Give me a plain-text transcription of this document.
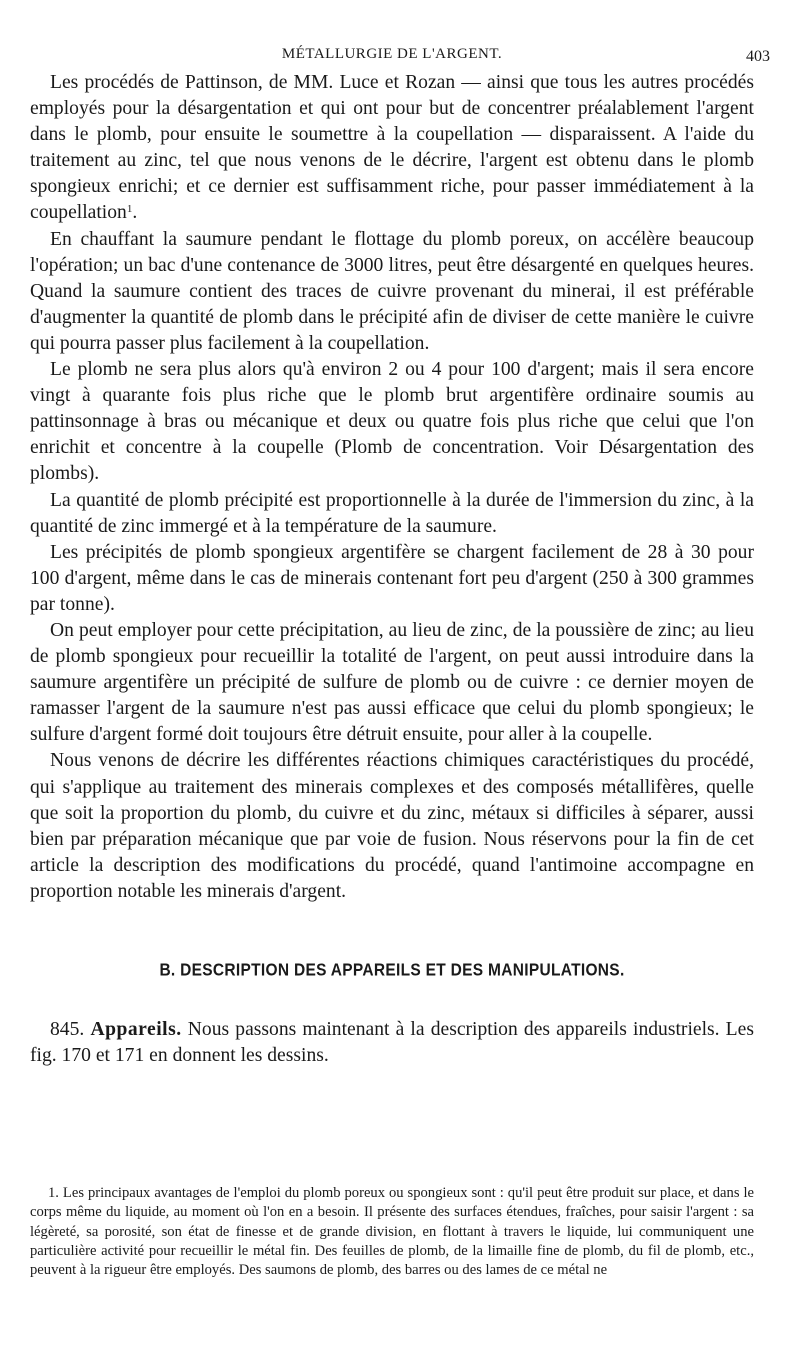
MÉTALLURGIE DE L'ARGENT.	403

Les procédés de Pattinson, de MM. Luce et Rozan — ainsi que tous les autres procédés employés pour la désargentation et qui ont pour but de concentrer préalablement l'argent dans le plomb, pour ensuite le soumettre à la coupellation — disparaissent. A l'aide du traitement au zinc, tel que nous venons de le décrire, l'argent est obtenu dans le plomb spongieux enrichi; et ce dernier est suffisamment riche, pour passer immédiatement à la coupellation$^1$.

En chauffant la saumure pendant le flottage du plomb poreux, on accélère beaucoup l'opération; un bac d'une contenance de 3000 litres, peut être désargenté en quelques heures. Quand la saumure contient des traces de cuivre provenant du minerai, il est préférable d'augmenter la quantité de plomb dans le précipité afin de diviser de cette manière le cuivre qui pourra passer plus facilement à la coupellation.

Le plomb ne sera plus alors qu'à environ 2 ou 4 pour 100 d'argent; mais il sera encore vingt à quarante fois plus riche que le plomb brut argentifère ordinaire soumis au pattinsonnage à bras ou mécanique et deux ou quatre fois plus riche que celui que l'on enrichit et concentre à la coupelle (Plomb de concentration. Voir Désargentation des plombs).

La quantité de plomb précipité est proportionnelle à la durée de l'immersion du zinc, à la quantité de zinc immergé et à la température de la saumure.

Les précipités de plomb spongieux argentifère se chargent facilement de 28 à 30 pour 100 d'argent, même dans le cas de minerais contenant fort peu d'argent (250 à 300 grammes par tonne).

On peut employer pour cette précipitation, au lieu de zinc, de la poussière de zinc; au lieu de plomb spongieux pour recueillir la totalité de l'argent, on peut aussi introduire dans la saumure argentifère un précipité de sulfure de plomb ou de cuivre : ce dernier moyen de ramasser l'argent de la saumure n'est pas aussi efficace que celui du plomb spongieux; le sulfure d'argent formé doit toujours être détruit ensuite, pour aller à la coupelle.

Nous venons de décrire les différentes réactions chimiques caractéristiques du procédé, qui s'applique au traitement des minerais complexes et des composés métallifères, quelle que soit la proportion du plomb, du cuivre et du zinc, métaux si difficiles à séparer, aussi bien par préparation mécanique que par voie de fusion. Nous réservons pour la fin de cet article la description des modifications du procédé, quand l'antimoine accompagne en proportion notable les minerais d'argent.

B. DESCRIPTION DES APPAREILS ET DES MANIPULATIONS.

845. Appareils. Nous passons maintenant à la description des appareils industriels. Les fig. 170 et 171 en donnent les dessins.

1. Les principaux avantages de l'emploi du plomb poreux ou spongieux sont : qu'il peut être produit sur place, et dans le corps même du liquide, au moment où l'on en a besoin. Il présente des surfaces étendues, fraîches, pour saisir l'argent : sa légèreté, sa porosité, son état de finesse et de grande division, en flottant à travers le liquide, lui communiquent une particulière activité pour recueillir le métal fin. Des feuilles de plomb, de la limaille fine de plomb, du fil de plomb, etc., peuvent à la rigueur être employés. Des saumons de plomb, des barres ou des lames de ce métal ne
